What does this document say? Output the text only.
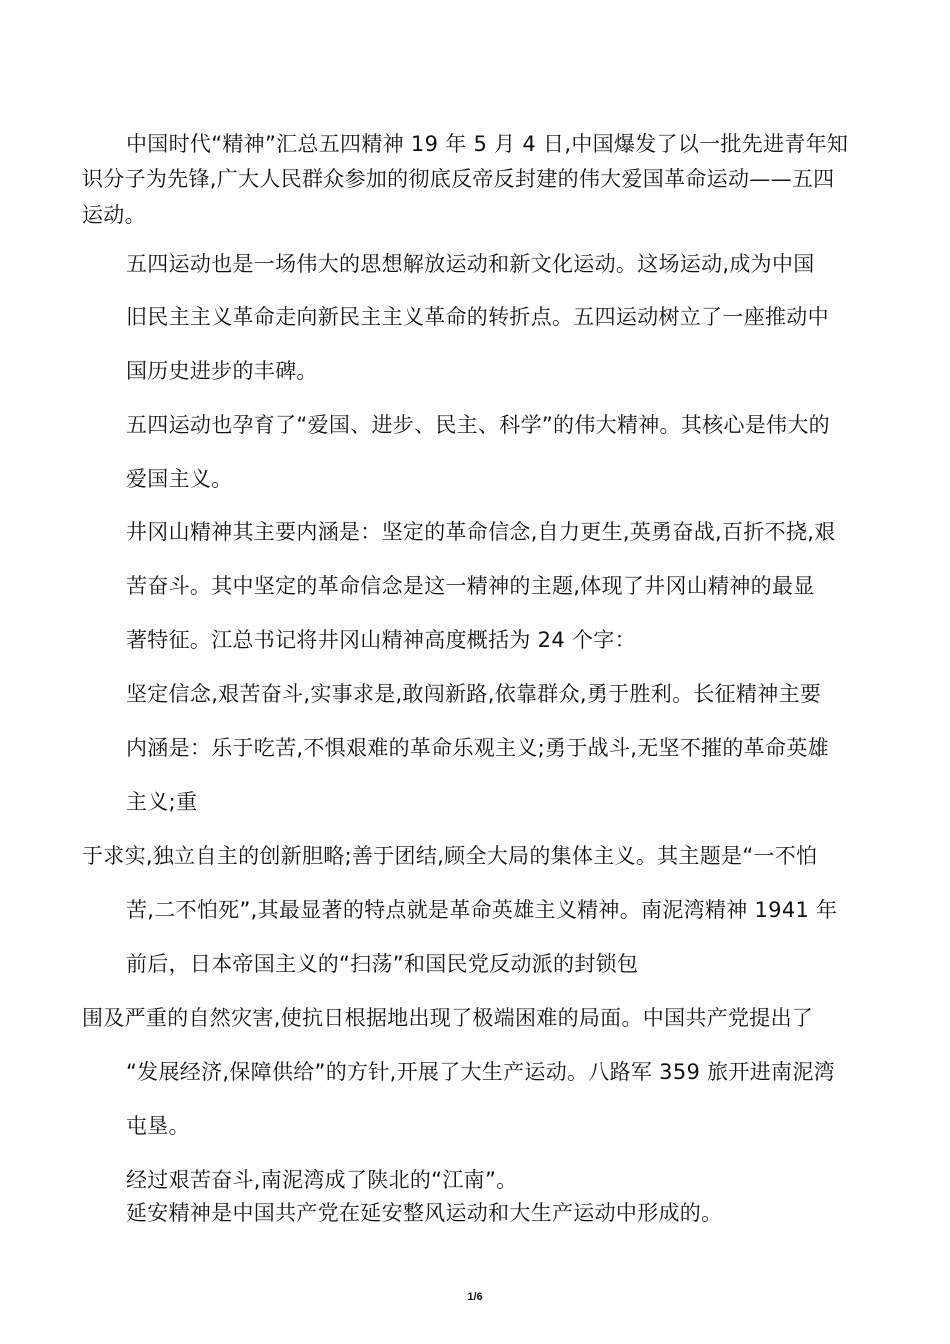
中国时代“精神”汇总五四精神 19 年 5 月 4 日,中国爆发了以一批先进青年知
识分子为先锋,广大人民群众参加的彻底反帝反封建的伟大爱国革命运动——五四
运动。
五四运动也是一场伟大的思想解放运动和新文化运动。这场运动,成为中国
旧民主主义革命走向新民主主义革命的转折点。五四运动树立了一座推动中
国历史进步的丰碑。
五四运动也孕育了“爱国、进步、民主、科学”的伟大精神。其核心是伟大的
爱国主义。
井冈山精神其主要内涵是：坚定的革命信念,自力更生,英勇奋战,百折不挠,艰
苦奋斗。其中坚定的革命信念是这一精神的主题,体现了井冈山精神的最显
著特征。江总书记将井冈山精神高度概括为 24 个字：
坚定信念,艰苦奋斗,实事求是,敢闯新路,依靠群众,勇于胜利。长征精神主要
内涵是：乐于吃苦,不惧艰难的革命乐观主义;勇于战斗,无坚不摧的革命英雄
主义;重
于求实,独立自主的创新胆略;善于团结,顾全大局的集体主义。其主题是“一不怕
苦,二不怕死”,其最显著的特点就是革命英雄主义精神。南泥湾精神 1941 年
前后，日本帝国主义的“扫荡”和国民党反动派的封锁包
围及严重的自然灾害,使抗日根据地出现了极端困难的局面。中国共产党提出了
“发展经济,保障供给”的方针,开展了大生产运动。八路军 359 旅开进南泥湾
屯垦。
经过艰苦奋斗,南泥湾成了陕北的“江南”。
延安精神是中国共产党在延安整风运动和大生产运动中形成的。
1/6
